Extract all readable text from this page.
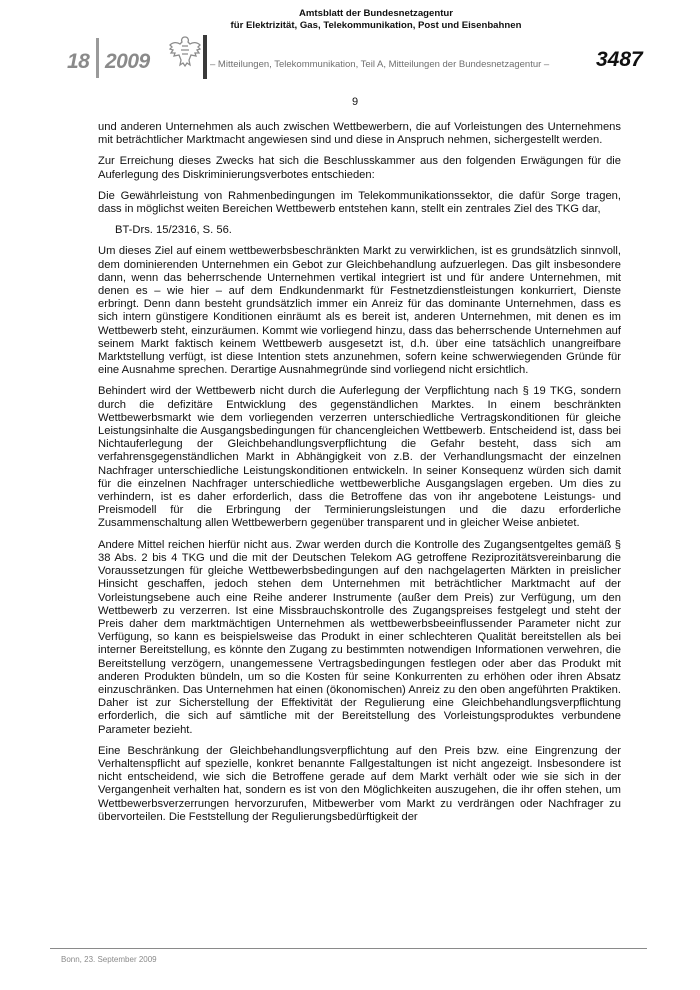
18 2009
Amtsblatt der Bundesnetzagentur
für Elektrizität, Gas, Telekommunikation, Post und Eisenbahnen
– Mitteilungen, Telekommunikation, Teil A, Mitteilungen der Bundesnetzagentur – 3487
9

und anderen Unternehmen als auch zwischen Wettbewerbern, die auf Vorleistungen des Unternehmens mit beträchtlicher Marktmacht angewiesen sind und diese in Anspruch nehmen, sichergestellt werden.

Zur Erreichung dieses Zwecks hat sich die Beschlusskammer aus den folgenden Erwägungen für die Auferlegung des Diskriminierungsverbotes entschieden:

Die Gewährleistung von Rahmenbedingungen im Telekommunikationssektor, die dafür Sorge tragen, dass in möglichst weiten Bereichen Wettbewerb entstehen kann, stellt ein zentrales Ziel des TKG dar,

BT-Drs. 15/2316, S. 56.

Um dieses Ziel auf einem wettbewerbsbeschränkten Markt zu verwirklichen, ist es grundsätzlich sinnvoll, dem dominierenden Unternehmen ein Gebot zur Gleichbehandlung aufzuerlegen. Das gilt insbesondere dann, wenn das beherrschende Unternehmen vertikal integriert ist und für andere Unternehmen, mit denen es – wie hier – auf dem Endkundenmarkt für Festnetzdienstleistungen konkurriert, Dienste erbringt. Denn dann besteht grundsätzlich immer ein Anreiz für das dominante Unternehmen, dass es sich intern günstigere Konditionen einräumt als es bereit ist, anderen Unternehmen, mit denen es im Wettbewerb steht, einzuräumen. Kommt wie vorliegend hinzu, dass das beherrschende Unternehmen auf seinem Markt faktisch keinem Wettbewerb ausgesetzt ist, d.h. über eine tatsächlich unangreifbare Marktstellung verfügt, ist diese Intention stets anzunehmen, sofern keine schwerwiegenden Gründe für eine Ausnahme sprechen. Derartige Ausnahmegründe sind vorliegend nicht ersichtlich.

Behindert wird der Wettbewerb nicht durch die Auferlegung der Verpflichtung nach § 19 TKG, sondern durch die defizitäre Entwicklung des gegenständlichen Marktes. In einem beschränkten Wettbewerbsmarkt wie dem vorliegenden verzerren unterschiedliche Vertragskonditionen für gleiche Leistungsinhalte die Ausgangsbedingungen für chancengleichen Wettbewerb. Entscheidend ist, dass bei Nichtauferlegung der Gleichbehandlungsverpflichtung die Gefahr besteht, dass sich am verfahrensgegenständlichen Markt in Abhängigkeit von z.B. der Verhandlungsmacht der einzelnen Nachfrager unterschiedliche Leistungskonditionen entwickeln. In seiner Konsequenz würden sich damit für die einzelnen Nachfrager unterschiedliche wettbewerbliche Ausgangslagen ergeben. Um dies zu verhindern, ist es daher erforderlich, dass die Betroffene das von ihr angebotene Leistungs- und Preismodell für die Erbringung der Terminierungsleistungen und die dazu erforderliche Zusammenschaltung allen Wettbewerbern gegenüber transparent und in gleicher Weise anbietet.

Andere Mittel reichen hierfür nicht aus. Zwar werden durch die Kontrolle des Zugangsentgeltes gemäß § 38 Abs. 2 bis 4 TKG und die mit der Deutschen Telekom AG getroffene Reziprozitätsvereinbarung die Voraussetzungen für gleiche Wettbewerbsbedingungen auf den nachgelagerten Märkten in preislicher Hinsicht geschaffen, jedoch stehen dem Unternehmen mit beträchtlicher Marktmacht auf der Vorleistungsebene auch eine Reihe anderer Instrumente (außer dem Preis) zur Verfügung, um den Wettbewerb zu verzerren. Ist eine Missbrauchskontrolle des Zugangspreises festgelegt und steht der Preis daher dem marktmächtigen Unternehmen als wettbewerbsbeeinflussender Parameter nicht zur Verfügung, so kann es beispielsweise das Produkt in einer schlechteren Qualität bereitstellen als bei interner Bereitstellung, es könnte den Zugang zu bestimmten notwendigen Informationen verwehren, die Bereitstellung verzögern, unangemessene Vertragsbedingungen festlegen oder aber das Produkt mit anderen Produkten bündeln, um so die Kosten für seine Konkurrenten zu erhöhen oder ihren Absatz einzuschränken. Das Unternehmen hat einen (ökonomischen) Anreiz zu den oben angeführten Praktiken. Daher ist zur Sicherstellung der Effektivität der Regulierung eine Gleichbehandlungsverpflichtung erforderlich, die sich auf sämtliche mit der Bereitstellung des Vorleistungsproduktes verbundene Parameter bezieht.

Eine Beschränkung der Gleichbehandlungsverpflichtung auf den Preis bzw. eine Eingrenzung der Verhaltenspflicht auf spezielle, konkret benannte Fallgestaltungen ist nicht angezeigt. Insbesondere ist nicht entscheidend, wie sich die Betroffene gerade auf dem Markt verhält oder wie sie sich in der Vergangenheit verhalten hat, sondern es ist von den Möglichkeiten auszugehen, die ihr offen stehen, um Wettbewerbsverzerrungen hervorzurufen, Mitbewerber vom Markt zu verdrängen oder Nachfrager zu übervorteilen. Die Feststellung der Regulierungsbedürftigkeit der

Bonn, 23. September 2009
